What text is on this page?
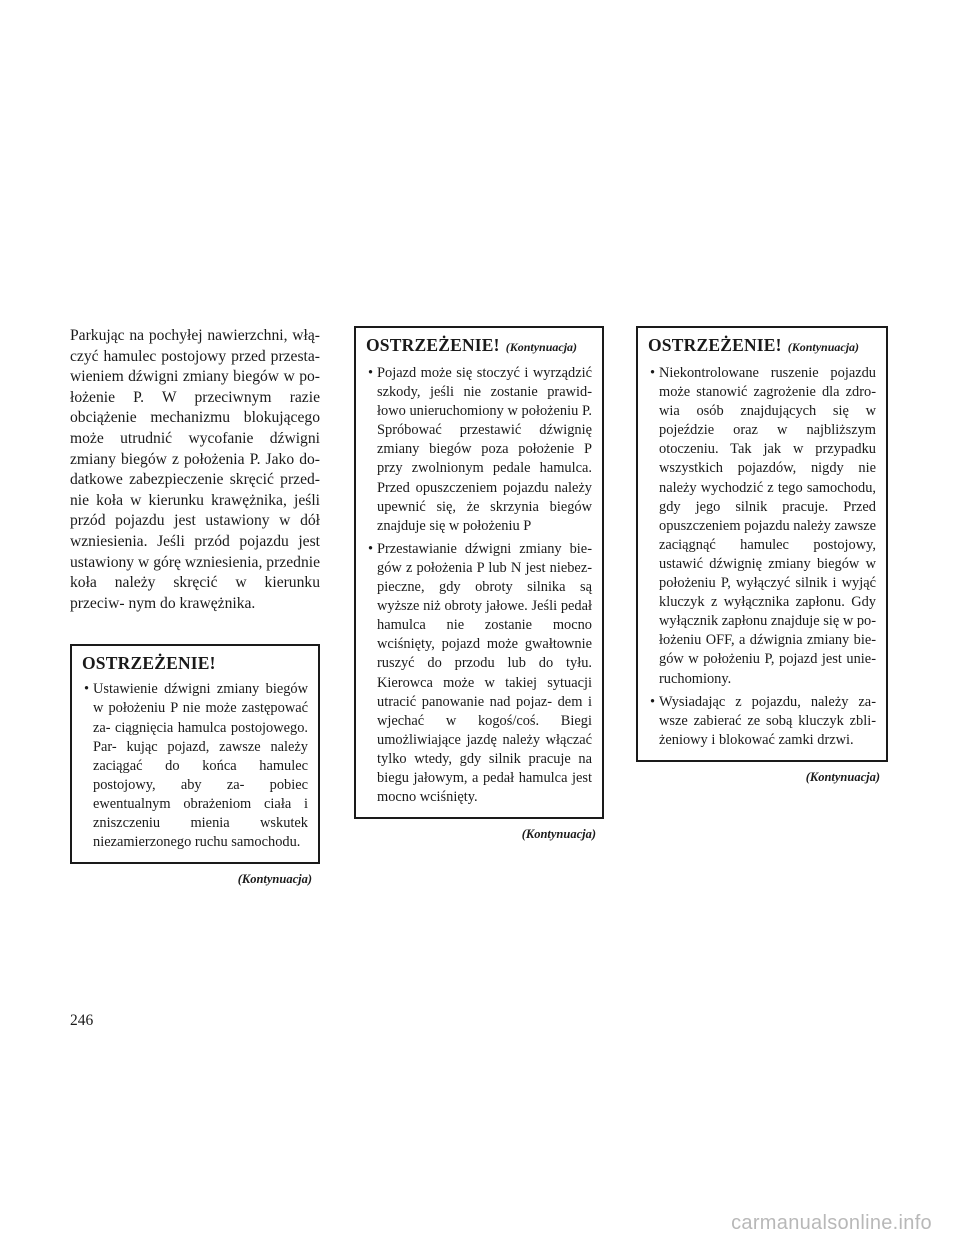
Parkując na pochyłej nawierzchni, włą- czyć hamulec postojowy przed przesta- wieniem dźwigni zmiany biegów w po- łożenie P. W przeciwnym razie obciążenie mechanizmu blokującego może utrudnić wycofanie dźwigni zmiany biegów z położenia P. Jako do- datkowe zabezpieczenie skręcić przed- nie koła w kierunku krawężnika, jeśli przód pojazdu jest ustawiony w dół wzniesienia. Jeśli przód pojazdu jest ustawiony w górę wzniesienia, przednie koła należy skręcić w kierunku przeciw- nym do krawężnika.

OSTRZEŻENIE!
• Ustawienie dźwigni zmiany biegów w położeniu P nie może zastępować za- ciągnięcia hamulca postojowego. Par- kując pojazd, zawsze należy zaciągać do końca hamulec postojowy, aby za- pobiec ewentualnym obrażeniom ciała i zniszczeniu mienia wskutek niezamierzonego ruchu samochodu.
(Kontynuacja)
OSTRZEŻENIE! (Kontynuacja)
• Pojazd może się stoczyć i wyrządzić szkody, jeśli nie zostanie prawid- łowo unieruchomiony w położeniu P. Spróbować przestawić dźwignię zmiany biegów poza położenie P przy zwolnionym pedale hamulca. Przed opuszczeniem pojazdu należy upewnić się, że skrzynia biegów znajduje się w położeniu P
• Przestawianie dźwigni zmiany bie- gów z położenia P lub N jest niebez- pieczne, gdy obroty silnika są wyższe niż obroty jałowe. Jeśli pedał hamulca nie zostanie mocno wciśnięty, pojazd może gwałtownie ruszyć do przodu lub do tyłu. Kierowca może w takiej sytuacji utracić panowanie nad pojaz- dem i wjechać w kogoś/coś. Biegi umożliwiające jazdę należy włączać tylko wtedy, gdy silnik pracuje na biegu jałowym, a pedał hamulca jest mocno wciśnięty.
(Kontynuacja)
OSTRZEŻENIE! (Kontynuacja)
• Niekontrolowane ruszenie pojazdu może stanowić zagrożenie dla zdro- wia osób znajdujących się w pojeździe oraz w najbliższym otoczeniu. Tak jak w przypadku wszystkich pojazdów, nigdy nie należy wychodzić z tego samochodu, gdy jego silnik pracuje. Przed opuszczeniem pojazdu należy zawsze zaciągnąć hamulec postojowy, ustawić dźwignię zmiany biegów w położeniu P, wyłączyć silnik i wyjąć kluczyk z wyłącznika zapłonu. Gdy wyłącznik zapłonu znajduje się w po- łożeniu OFF, a dźwignia zmiany bie- gów w położeniu P, pojazd jest unie- ruchomiony.
• Wysiadając z pojazdu, należy za- wsze zabierać ze sobą kluczyk zbli- żeniowy i blokować zamki drzwi.
(Kontynuacja)
246
carmanualsonline.info
